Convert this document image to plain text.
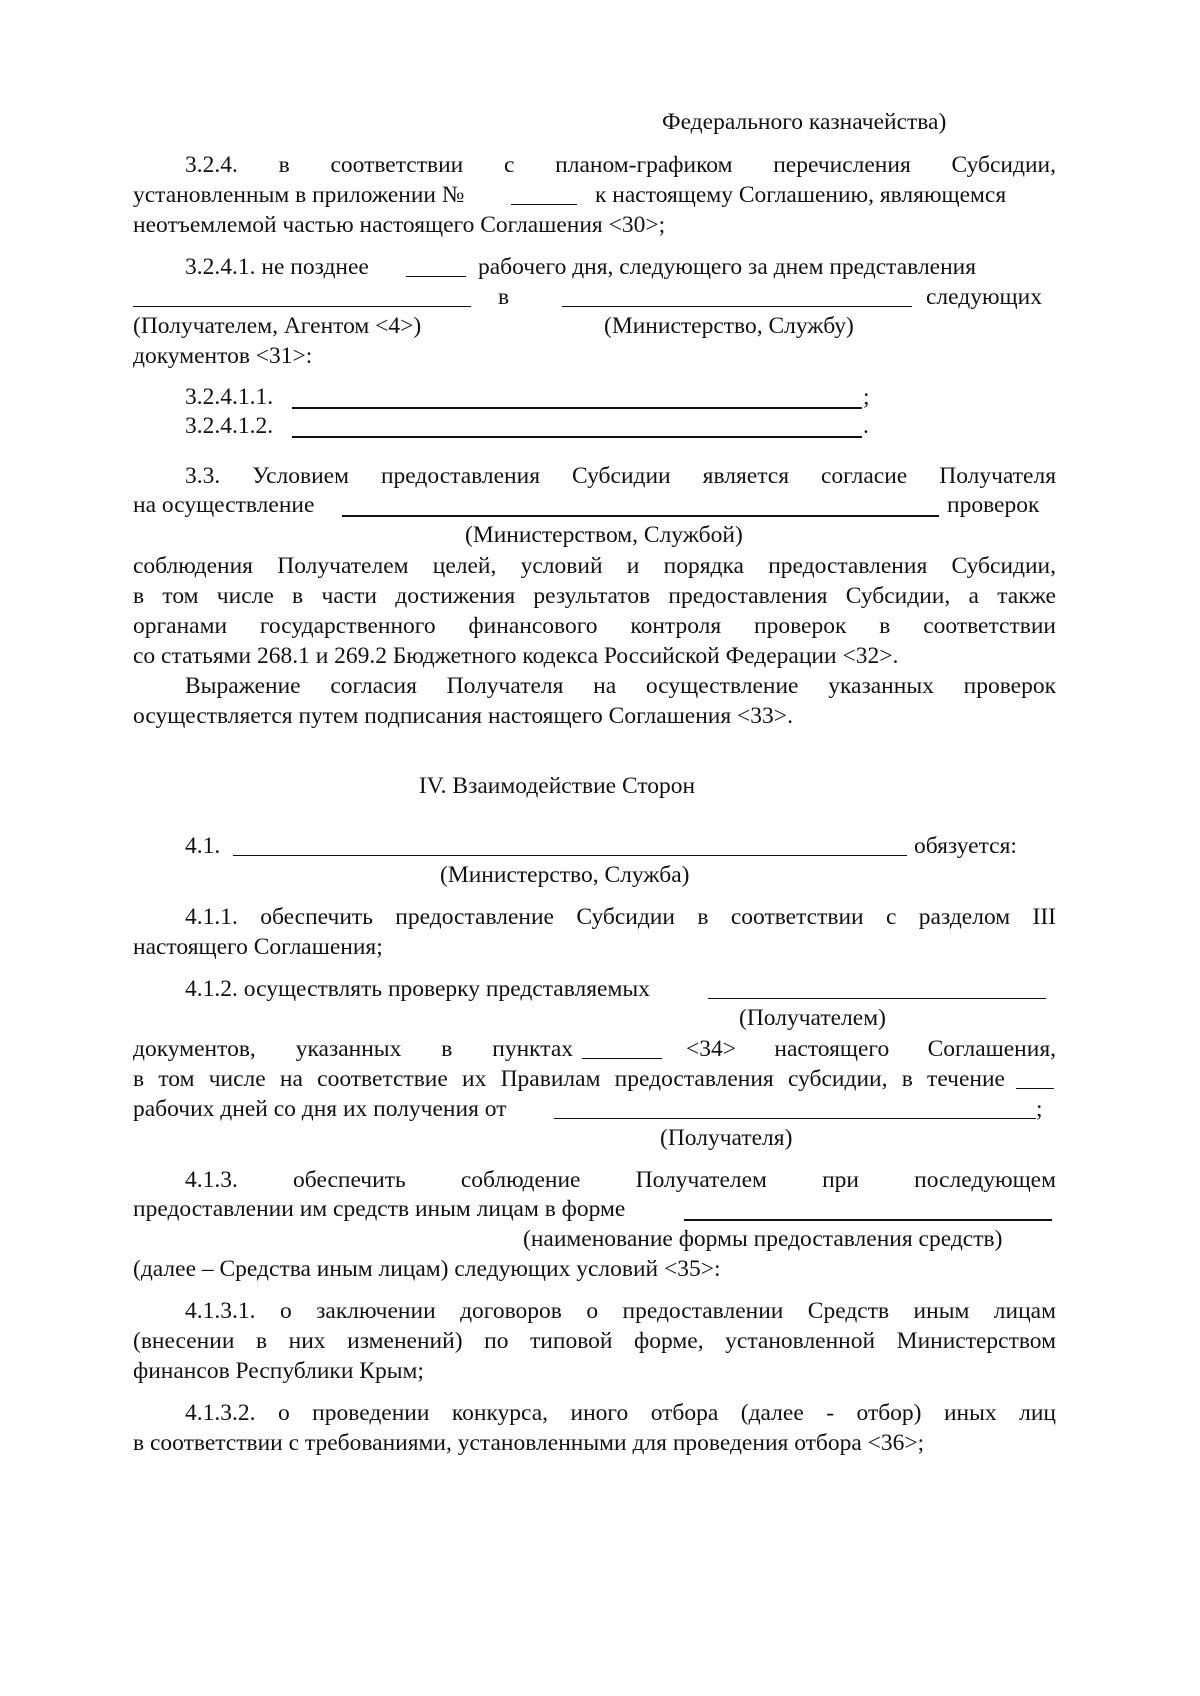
Федерального казначейства)
3.2.4. в соответствии с планом-графиком перечисления Субсидии,
установленным в приложении №	к настоящему Соглашению, являющемся
неотъемлемой частью настоящего Соглашения <30>;
3.2.4.1. не позднее	рабочего дня, следующего за днем представления
в	следующих
(Получателем, Агентом <4>)	(Министерство, Службу)
документов <31>:
3.2.4.1.1.	;
3.2.4.1.2.	.
3.3. Условием предоставления Субсидии является согласие Получателя
на осуществление	проверок
(Министерством, Службой)
соблюдения Получателем целей, условий и порядка предоставления Субсидии,
в том числе в части достижения результатов предоставления Субсидии, а также
органами государственного финансового контроля проверок в соответствии
со статьями 268.1 и 269.2 Бюджетного кодекса Российской Федерации <32>.
Выражение согласия Получателя на осуществление указанных проверок
осуществляется путем подписания настоящего Соглашения <33>.
IV. Взаимодействие Сторон
4.1.	обязуется:
(Министерство, Служба)
4.1.1. обеспечить предоставление Субсидии в соответствии с разделом III
настоящего Соглашения;
4.1.2. осуществлять проверку представляемых
(Получателем)
документов, указанных в пунктах	<34> настоящего Соглашения,
в том числе на соответствие их Правилам предоставления субсидии, в течение
рабочих дней со дня их получения от	;
(Получателя)
4.1.3. обеспечить соблюдение Получателем при последующем
предоставлении им средств иным лицам в форме
(наименование формы предоставления средств)
(далее – Средства иным лицам) следующих условий <35>:
4.1.3.1. о заключении договоров о предоставлении Средств иным лицам
(внесении в них изменений) по типовой форме, установленной Министерством
финансов Республики Крым;
4.1.3.2. о проведении конкурса, иного отбора (далее - отбор) иных лиц
в соответствии с требованиями, установленными для проведения отбора <36>;
